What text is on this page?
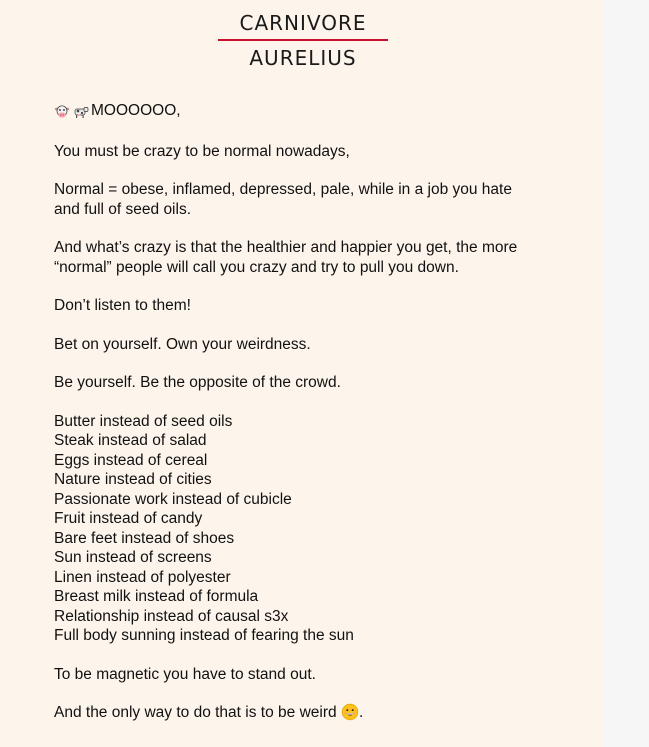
CARNIVORE
AURELIUS

MOOOOOO,

You must be crazy to be normal nowadays,

Normal = obese, inflamed, depressed, pale, while in a job you hate
and full of seed oils.

And what’s crazy is that the healthier and happier you get, the more
“normal” people will call you crazy and try to pull you down.

Don’t listen to them!

Bet on yourself. Own your weirdness.

Be yourself. Be the opposite of the crowd.

Butter instead of seed oils
Steak instead of salad
Eggs instead of cereal
Nature instead of cities
Passionate work instead of cubicle
Fruit instead of candy
Bare feet instead of shoes
Sun instead of screens
Linen instead of polyester
Breast milk instead of formula
Relationship instead of causal s3x
Full body sunning instead of fearing the sun

To be magnetic you have to stand out.

And the only way to do that is to be weird .
